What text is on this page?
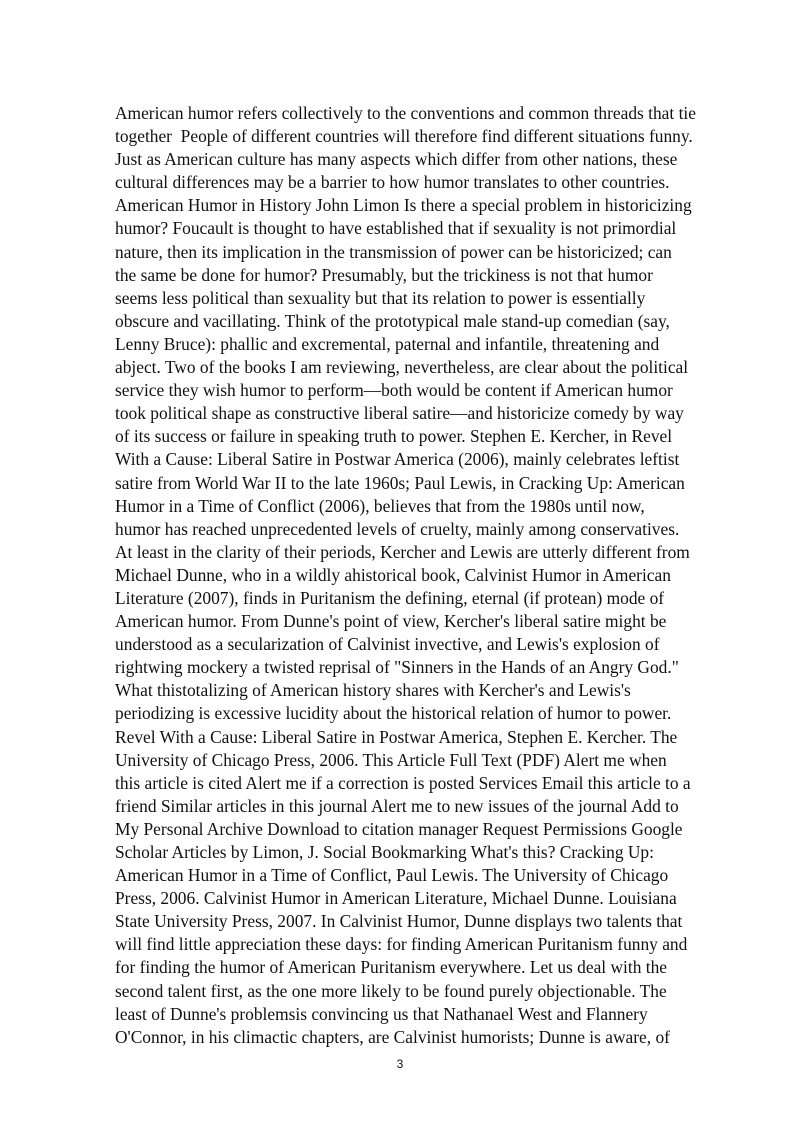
American humor refers collectively to the conventions and common threads that tie
together  People of different countries will therefore find different situations funny.
Just as American culture has many aspects which differ from other nations, these
cultural differences may be a barrier to how humor translates to other countries.
American Humor in History John Limon Is there a special problem in historicizing
humor? Foucault is thought to have established that if sexuality is not primordial
nature, then its implication in the transmission of power can be historicized; can
the same be done for humor? Presumably, but the trickiness is not that humor
seems less political than sexuality but that its relation to power is essentially
obscure and vacillating. Think of the prototypical male stand-up comedian (say,
Lenny Bruce): phallic and excremental, paternal and infantile, threatening and
abject. Two of the books I am reviewing, nevertheless, are clear about the political
service they wish humor to perform—both would be content if American humor
took political shape as constructive liberal satire—and historicize comedy by way
of its success or failure in speaking truth to power. Stephen E. Kercher, in Revel
With a Cause: Liberal Satire in Postwar America (2006), mainly celebrates leftist
satire from World War II to the late 1960s; Paul Lewis, in Cracking Up: American
Humor in a Time of Conflict (2006), believes that from the 1980s until now,
humor has reached unprecedented levels of cruelty, mainly among conservatives.
At least in the clarity of their periods, Kercher and Lewis are utterly different from
Michael Dunne, who in a wildly ahistorical book, Calvinist Humor in American
Literature (2007), finds in Puritanism the defining, eternal (if protean) mode of
American humor. From Dunne's point of view, Kercher's liberal satire might be
understood as a secularization of Calvinist invective, and Lewis's explosion of
rightwing mockery a twisted reprisal of "Sinners in the Hands of an Angry God."
What thistotalizing of American history shares with Kercher's and Lewis's
periodizing is excessive lucidity about the historical relation of humor to power.
Revel With a Cause: Liberal Satire in Postwar America, Stephen E. Kercher. The
University of Chicago Press, 2006. This Article Full Text (PDF) Alert me when
this article is cited Alert me if a correction is posted Services Email this article to a
friend Similar articles in this journal Alert me to new issues of the journal Add to
My Personal Archive Download to citation manager Request Permissions Google
Scholar Articles by Limon, J. Social Bookmarking What's this? Cracking Up:
American Humor in a Time of Conflict, Paul Lewis. The University of Chicago
Press, 2006. Calvinist Humor in American Literature, Michael Dunne. Louisiana
State University Press, 2007. In Calvinist Humor, Dunne displays two talents that
will find little appreciation these days: for finding American Puritanism funny and
for finding the humor of American Puritanism everywhere. Let us deal with the
second talent first, as the one more likely to be found purely objectionable. The
least of Dunne's problemsis convincing us that Nathanael West and Flannery
O'Connor, in his climactic chapters, are Calvinist humorists; Dunne is aware, of
3
